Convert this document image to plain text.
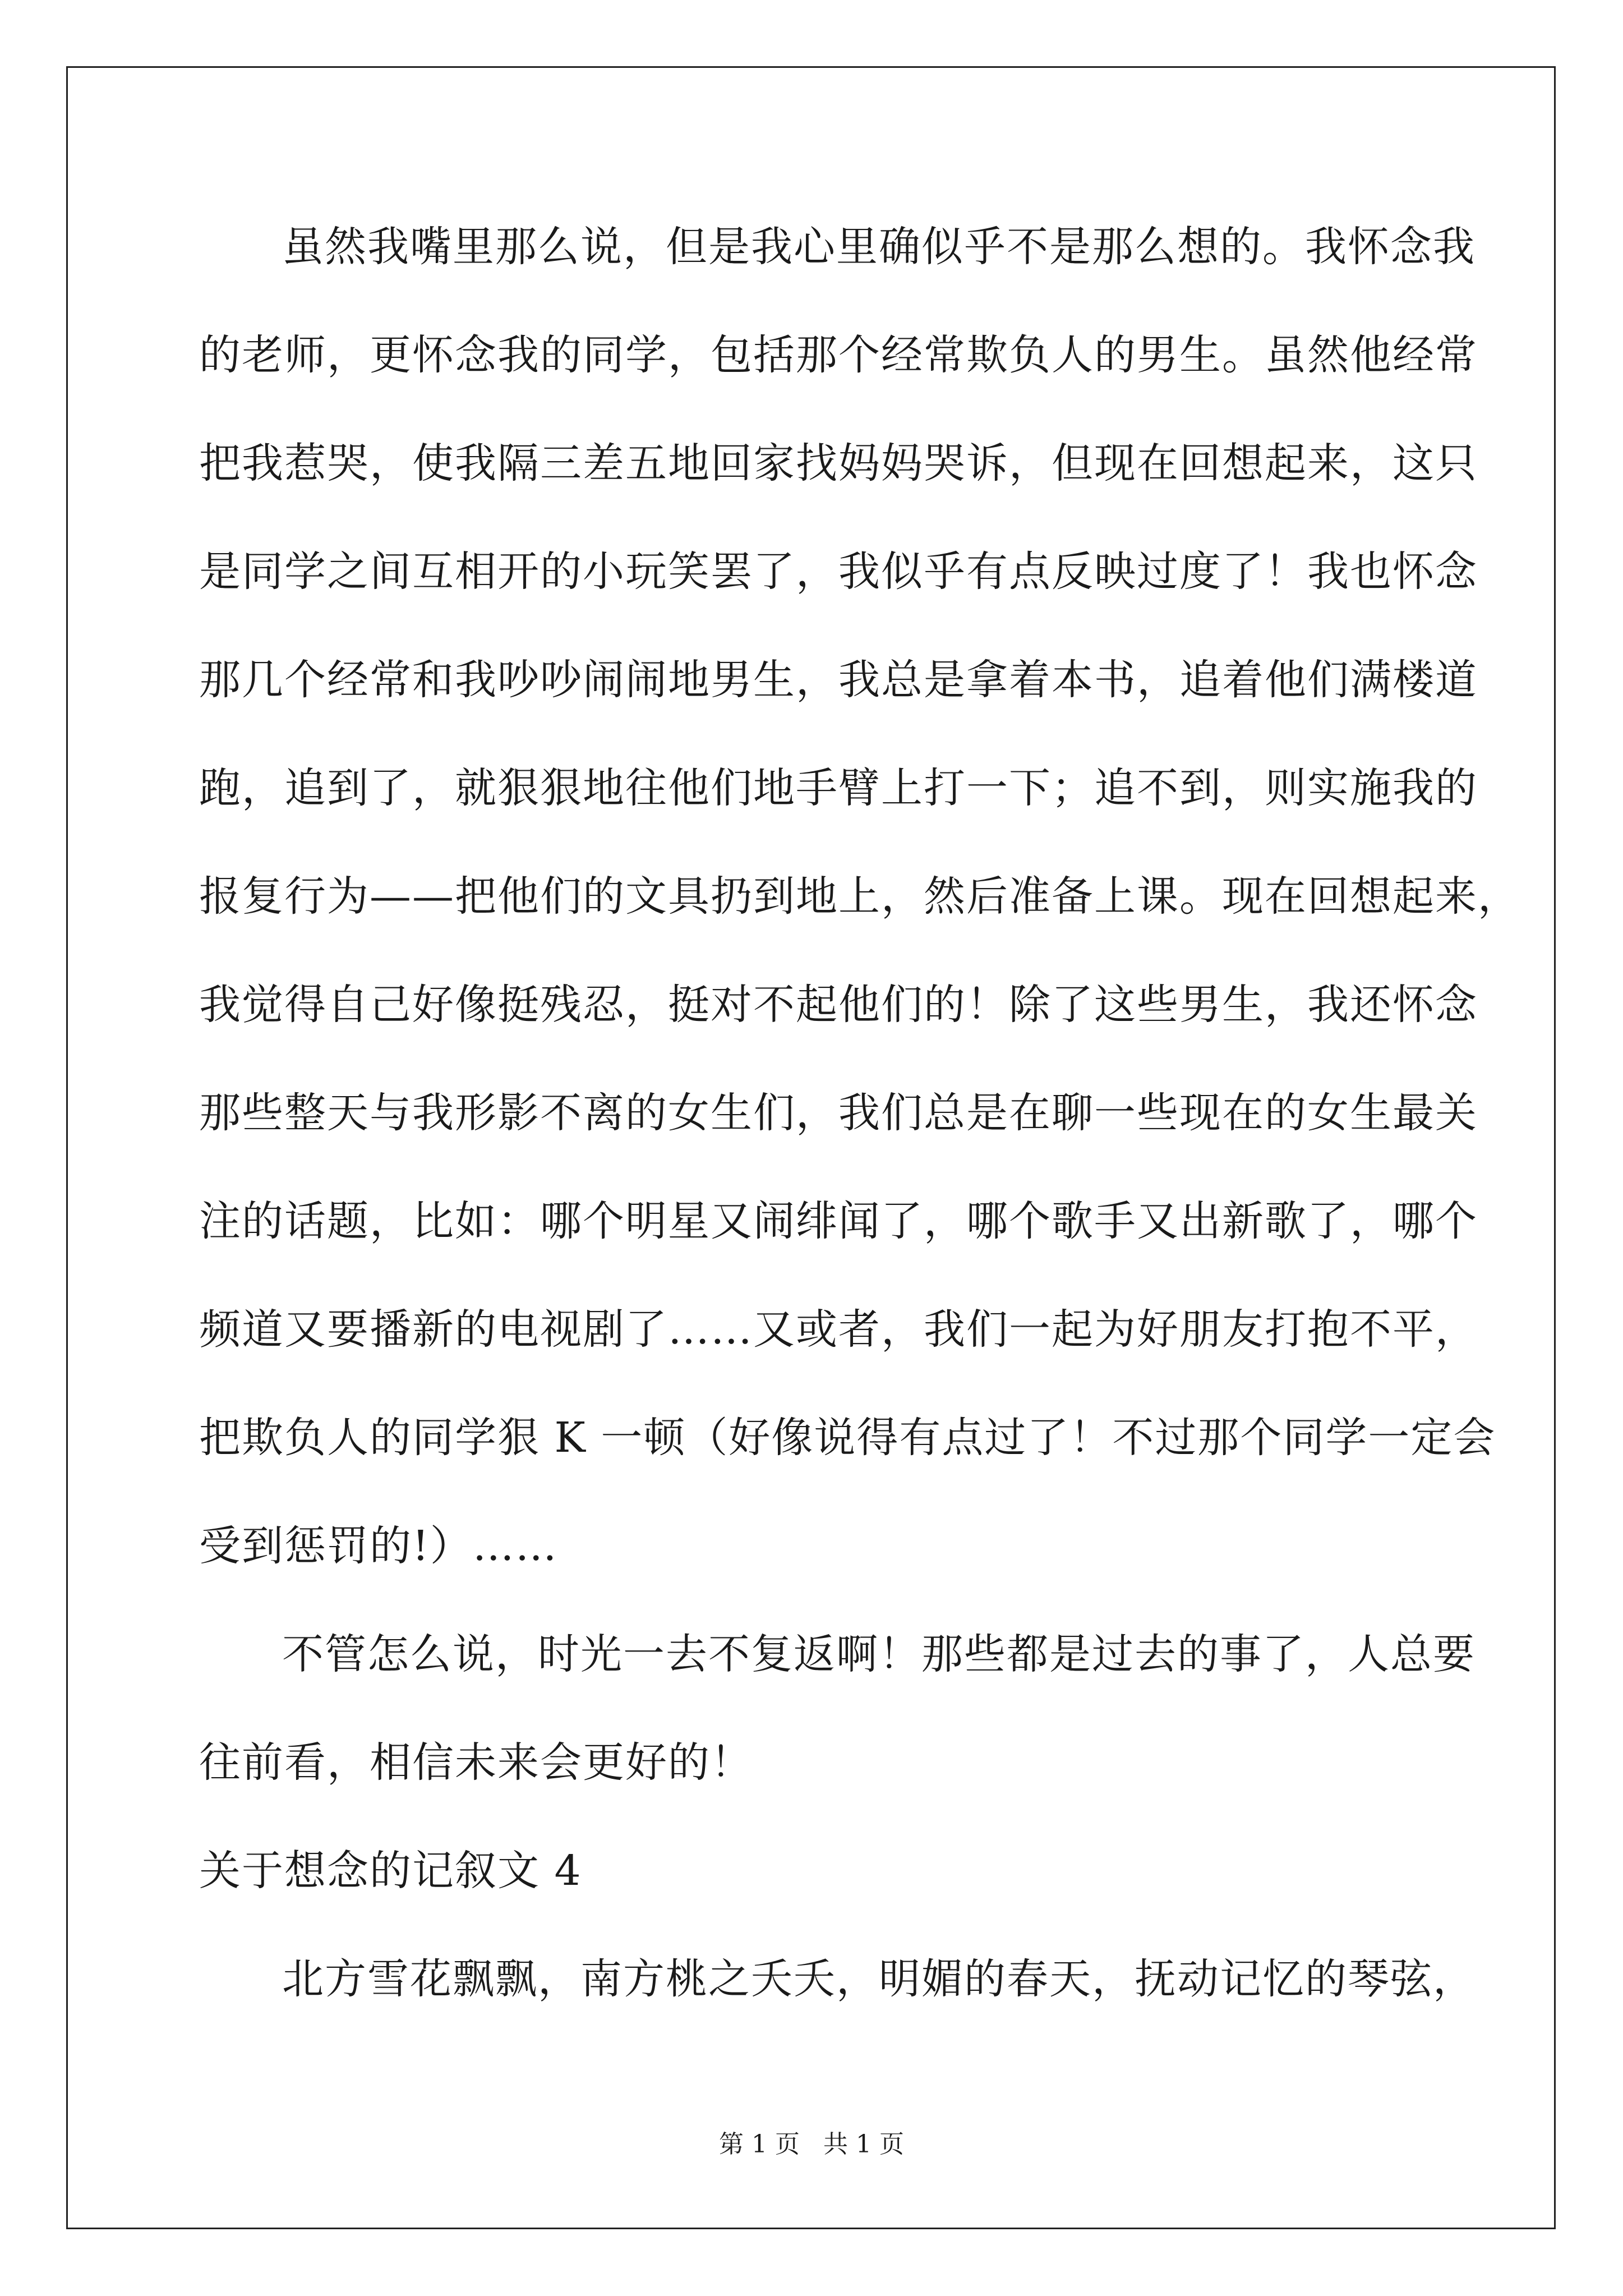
虽然我嘴里那么说，但是我心里确似乎不是那么想的。我怀念我
的老师，更怀念我的同学，包括那个经常欺负人的男生。虽然他经常
把我惹哭，使我隔三差五地回家找妈妈哭诉，但现在回想起来，这只
是同学之间互相开的小玩笑罢了，我似乎有点反映过度了！我也怀念
那几个经常和我吵吵闹闹地男生，我总是拿着本书，追着他们满楼道
跑，追到了，就狠狠地往他们地手臂上打一下；追不到，则实施我的
报复行为——把他们的文具扔到地上，然后准备上课。现在回想起来，
我觉得自己好像挺残忍，挺对不起他们的！除了这些男生，我还怀念
那些整天与我形影不离的女生们，我们总是在聊一些现在的女生最关
注的话题，比如：哪个明星又闹绯闻了，哪个歌手又出新歌了，哪个
频道又要播新的电视剧了……又或者，我们一起为好朋友打抱不平，
把欺负人的同学狠 K 一顿（好像说得有点过了！不过那个同学一定会
受到惩罚的!）……
不管怎么说，时光一去不复返啊！那些都是过去的事了，人总要
往前看，相信未来会更好的！
关于想念的记叙文 4
北方雪花飘飘，南方桃之夭夭，明媚的春天，抚动记忆的琴弦，
第 1 页 共 1 页
